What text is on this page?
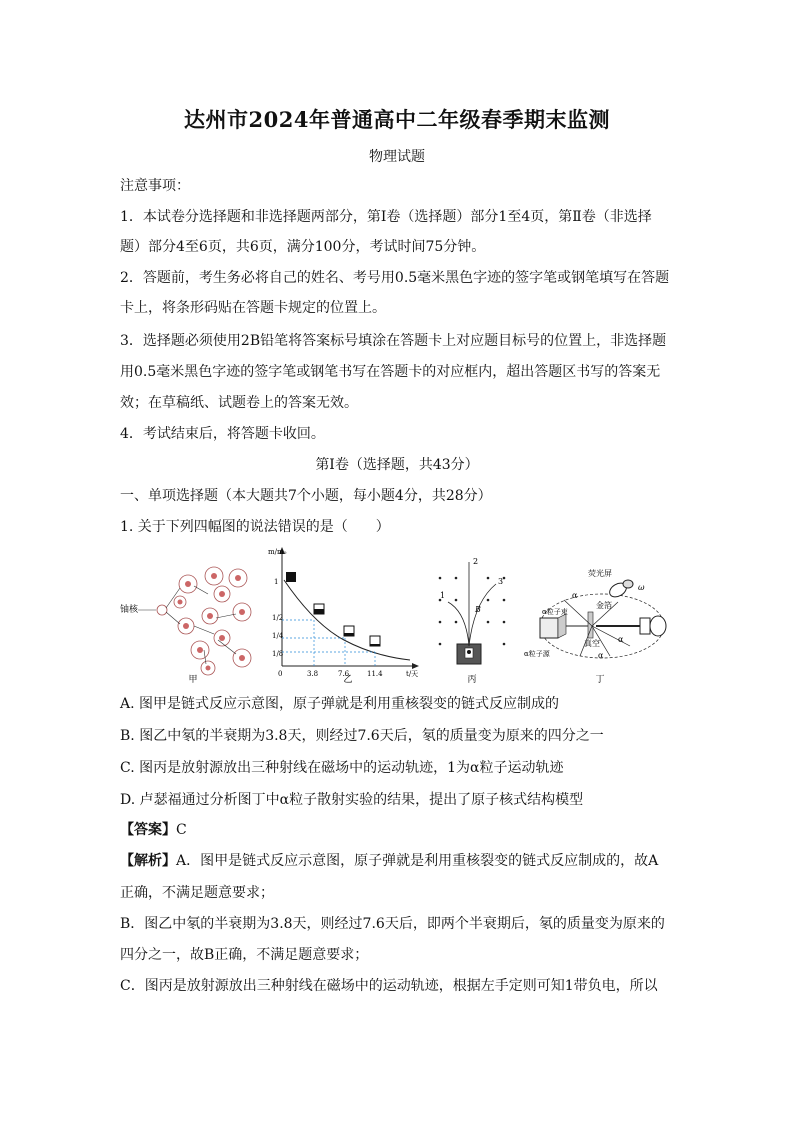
达州市2024年普通高中二年级春季期末监测
物理试题
注意事项：
1．本试卷分选择题和非选择题两部分，第Ⅰ卷（选择题）部分1至4页，第Ⅱ卷（非选择
题）部分4至6页，共6页，满分100分，考试时间75分钟。
2．答题前，考生务必将自己的姓名、考号用0.5毫米黑色字迹的签字笔或钢笔填写在答题
卡上，将条形码贴在答题卡规定的位置上。
3．选择题必须使用2B铅笔将答案标号填涂在答题卡上对应题目标号的位置上，非选择题
用0.5毫米黑色字迹的签字笔或钢笔书写在答题卡的对应框内，超出答题区书写的答案无
效；在草稿纸、试题卷上的答案无效。
4．考试结束后，将答题卡收回。
第Ⅰ卷（选择题，共43分）
一、单项选择题（本大题共7个小题，每小题4分，共28分）
1. 关于下列四幅图的说法错误的是（　　）
铀核
甲
m/m₀
t/天
1
1/2
1/4
1/8
0	3.8	7.6	11.4
乙
1
2
3
B
丙
荧光屏
ω
金箔
α粒子束
α粒子源
真空
α
α
α
丁
A. 图甲是链式反应示意图，原子弹就是利用重核裂变的链式反应制成的
B. 图乙中氡的半衰期为3.8天，则经过7.6天后，氡的质量变为原来的四分之一
C. 图丙是放射源放出三种射线在磁场中的运动轨迹，1为α粒子运动轨迹
D. 卢瑟福通过分析图丁中α粒子散射实验的结果，提出了原子核式结构模型
【答案】C
【解析】A．图甲是链式反应示意图，原子弹就是利用重核裂变的链式反应制成的，故A
正确，不满足题意要求；
B．图乙中氡的半衰期为3.8天，则经过7.6天后，即两个半衰期后，氡的质量变为原来的
四分之一，故B正确，不满足题意要求；
C．图丙是放射源放出三种射线在磁场中的运动轨迹，根据左手定则可知1带负电，所以
